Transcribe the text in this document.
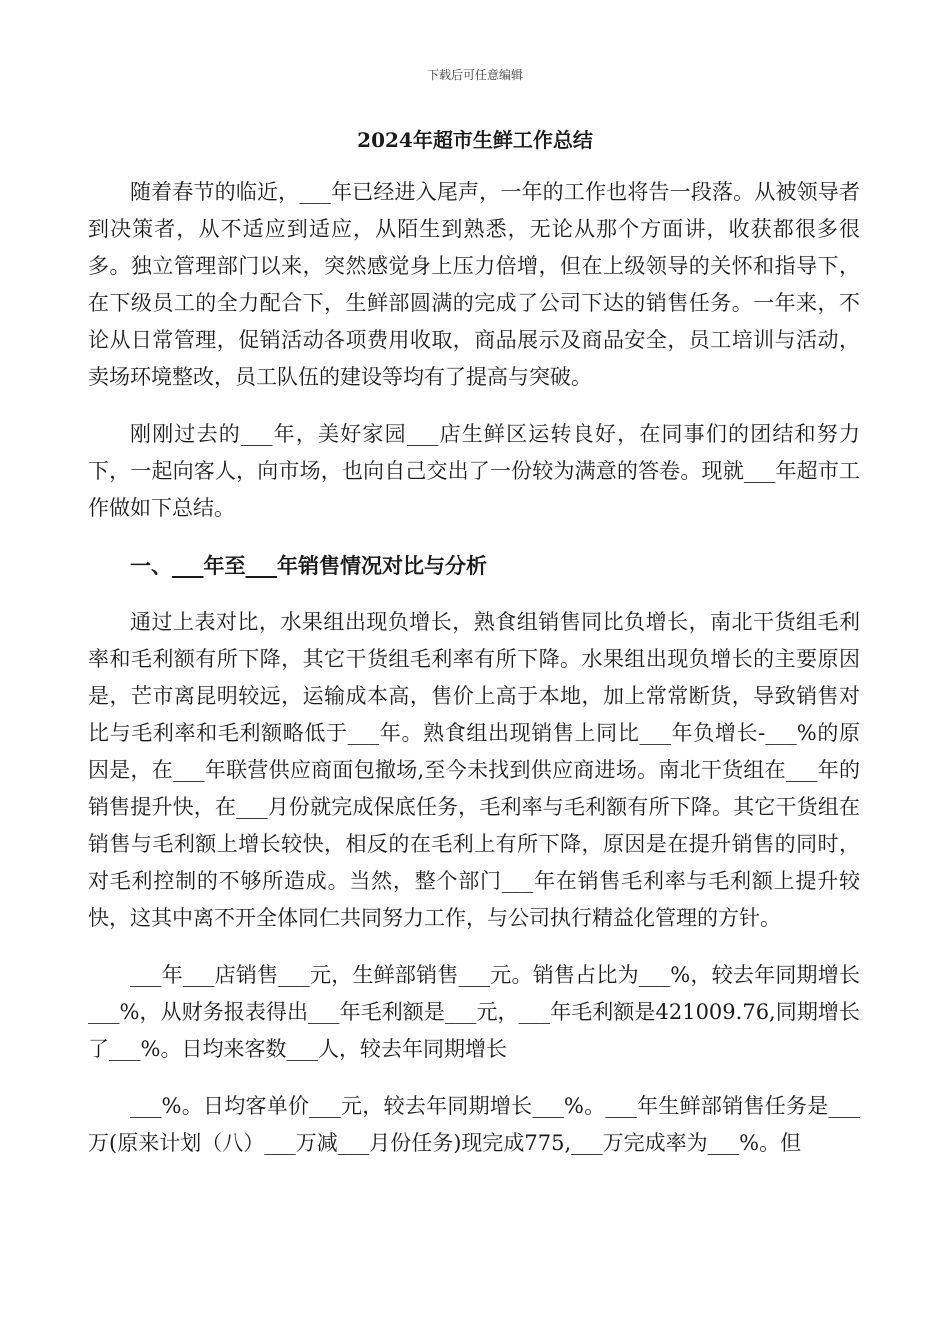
下载后可任意编辑
2024年超市生鲜工作总结

随着春节的临近，___年已经进入尾声，一年的工作也将告一段落。从被领导者到决策者，从不适应到适应，从陌生到熟悉，无论从那个方面讲，收获都很多很多。独立管理部门以来，突然感觉身上压力倍增，但在上级领导的关怀和指导下，在下级员工的全力配合下，生鲜部圆满的完成了公司下达的销售任务。一年来，不论从日常管理，促销活动各项费用收取，商品展示及商品安全，员工培训与活动，卖场环境整改，员工队伍的建设等均有了提高与突破。

刚刚过去的___年，美好家园___店生鲜区运转良好，在同事们的团结和努力下，一起向客人，向市场，也向自己交出了一份较为满意的答卷。现就___年超市工作做如下总结。

一、___年至___年销售情况对比与分析

通过上表对比，水果组出现负增长，熟食组销售同比负增长，南北干货组毛利率和毛利额有所下降，其它干货组毛利率有所下降。水果组出现负增长的主要原因是，芒市离昆明较远，运输成本高，售价上高于本地，加上常常断货，导致销售对比与毛利率和毛利额略低于___年。熟食组出现销售上同比___年负增长-___%的原因是，在___年联营供应商面包撤场,至今未找到供应商进场。南北干货组在___年的销售提升快，在___月份就完成保底任务，毛利率与毛利额有所下降。其它干货组在销售与毛利额上增长较快，相反的在毛利上有所下降，原因是在提升销售的同时，对毛利控制的不够所造成。当然，整个部门___年在销售毛利率与毛利额上提升较快，这其中离不开全体同仁共同努力工作，与公司执行精益化管理的方针。

___年___店销售___元，生鲜部销售___元。销售占比为___%，较去年同期增长___%，从财务报表得出___年毛利额是___元，___年毛利额是421009.76,同期增长了___%。日均来客数___人，较去年同期增长

___%。日均客单价___元，较去年同期增长___%。___年生鲜部销售任务是___万(原来计划（八）___万减___月份任务)现完成775,___万完成率为___%。但
